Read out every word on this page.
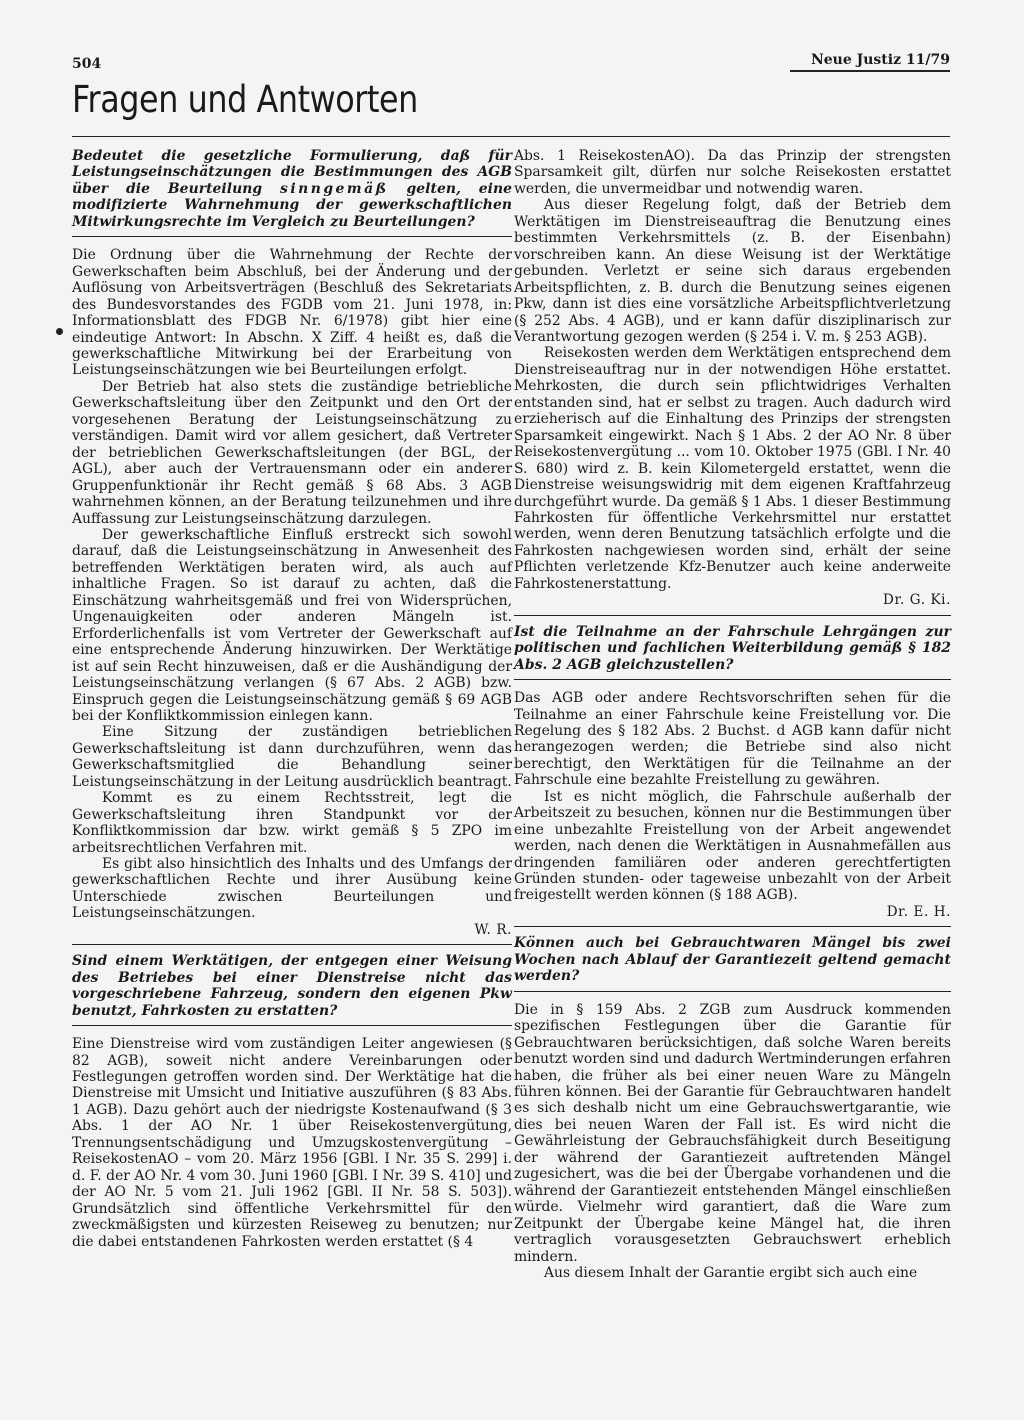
504	Neue Justiz 11/79
Fragen und Antworten

Bedeutet die gesetzliche Formulierung, daß für Leistungseinschätzungen die Bestimmungen des AGB über die Beurteilung sinngemäß gelten, eine modifizierte Wahrnehmung der gewerkschaftlichen Mitwirkungsrechte im Vergleich zu Beurteilungen?

Die Ordnung über die Wahrnehmung der Rechte der Gewerkschaften beim Abschluß, bei der Änderung und der Auflösung von Arbeitsverträgen (Beschluß des Sekretariats des Bundesvorstandes des FGDB vom 21. Juni 1978, in: Informationsblatt des FDGB Nr. 6/1978) gibt hier eine eindeutige Antwort: In Abschn. X Ziff. 4 heißt es, daß die gewerkschaftliche Mitwirkung bei der Erarbeitung von Leistungseinschätzungen wie bei Beurteilungen erfolgt.

Der Betrieb hat also stets die zuständige betriebliche Gewerkschaftsleitung über den Zeitpunkt und den Ort der vorgesehenen Beratung der Leistungseinschätzung zu verständigen. Damit wird vor allem gesichert, daß Vertreter der betrieblichen Gewerkschaftsleitungen (der BGL, der AGL), aber auch der Vertrauensmann oder ein anderer Gruppenfunktionär ihr Recht gemäß § 68 Abs. 3 AGB wahrnehmen können, an der Beratung teilzunehmen und ihre Auffassung zur Leistungseinschätzung darzulegen.

Der gewerkschaftliche Einfluß erstreckt sich sowohl darauf, daß die Leistungseinschätzung in Anwesenheit des betreffenden Werktätigen beraten wird, als auch auf inhaltliche Fragen. So ist darauf zu achten, daß die Einschätzung wahrheitsgemäß und frei von Widersprüchen, Ungenauigkeiten oder anderen Mängeln ist. Erforderlichenfalls ist vom Vertreter der Gewerkschaft auf eine entsprechende Änderung hinzuwirken. Der Werktätige ist auf sein Recht hinzuweisen, daß er die Aushändigung der Leistungseinschätzung verlangen (§ 67 Abs. 2 AGB) bzw. Einspruch gegen die Leistungseinschätzung gemäß § 69 AGB bei der Konfliktkommission einlegen kann.

Eine Sitzung der zuständigen betrieblichen Gewerkschaftsleitung ist dann durchzuführen, wenn das Gewerkschaftsmitglied die Behandlung seiner Leistungseinschätzung in der Leitung ausdrücklich beantragt.

Kommt es zu einem Rechtsstreit, legt die Gewerkschaftsleitung ihren Standpunkt vor der Konfliktkommission dar bzw. wirkt gemäß § 5 ZPO im arbeitsrechtlichen Verfahren mit.

Es gibt also hinsichtlich des Inhalts und des Umfangs der gewerkschaftlichen Rechte und ihrer Ausübung keine Unterschiede zwischen Beurteilungen und Leistungseinschätzungen.

W. R.

Sind einem Werktätigen, der entgegen einer Weisung des Betriebes bei einer Dienstreise nicht das vorgeschriebene Fahrzeug, sondern den eigenen Pkw benutzt, Fahrkosten zu erstatten?

Eine Dienstreise wird vom zuständigen Leiter angewiesen (§ 82 AGB), soweit nicht andere Vereinbarungen oder Festlegungen getroffen worden sind. Der Werktätige hat die Dienstreise mit Umsicht und Initiative auszuführen (§ 83 Abs. 1 AGB). Dazu gehört auch der niedrigste Kostenaufwand (§ 3 Abs. 1 der AO Nr. 1 über Reisekostenvergütung, Trennungsentschädigung und Umzugskostenvergütung – ReisekostenAO – vom 20. März 1956 [GBl. I Nr. 35 S. 299] i. d. F. der AO Nr. 4 vom 30. Juni 1960 [GBl. I Nr. 39 S. 410] und der AO Nr. 5 vom 21. Juli 1962 [GBl. II Nr. 58 S. 503]). Grundsätzlich sind öffentliche Verkehrsmittel für den zweckmäßigsten und kürzesten Reiseweg zu benutzen; nur die dabei entstandenen Fahrkosten werden erstattet (§ 4

Abs. 1 ReisekostenAO). Da das Prinzip der strengsten Sparsamkeit gilt, dürfen nur solche Reisekosten erstattet werden, die unvermeidbar und notwendig waren.

Aus dieser Regelung folgt, daß der Betrieb dem Werktätigen im Dienstreiseauftrag die Benutzung eines bestimmten Verkehrsmittels (z. B. der Eisenbahn) vorschreiben kann. An diese Weisung ist der Werktätige gebunden. Verletzt er seine sich daraus ergebenden Arbeitspflichten, z. B. durch die Benutzung seines eigenen Pkw, dann ist dies eine vorsätzliche Arbeitspflichtverletzung (§ 252 Abs. 4 AGB), und er kann dafür disziplinarisch zur Verantwortung gezogen werden (§ 254 i. V. m. § 253 AGB).

Reisekosten werden dem Werktätigen entsprechend dem Dienstreiseauftrag nur in der notwendigen Höhe erstattet. Mehrkosten, die durch sein pflichtwidriges Verhalten entstanden sind, hat er selbst zu tragen. Auch dadurch wird erzieherisch auf die Einhaltung des Prinzips der strengsten Sparsamkeit eingewirkt. Nach § 1 Abs. 2 der AO Nr. 8 über Reisekostenvergütung ... vom 10. Oktober 1975 (GBl. I Nr. 40 S. 680) wird z. B. kein Kilometergeld erstattet, wenn die Dienstreise weisungswidrig mit dem eigenen Kraftfahrzeug durchgeführt wurde. Da gemäß § 1 Abs. 1 dieser Bestimmung Fahrkosten für öffentliche Verkehrsmittel nur erstattet werden, wenn deren Benutzung tatsächlich erfolgte und die Fahrkosten nachgewiesen worden sind, erhält der seine Pflichten verletzende Kfz-Benutzer auch keine anderweite Fahrkostenerstattung.

Dr. G. Ki.

Ist die Teilnahme an der Fahrschule Lehrgängen zur politischen und fachlichen Weiterbildung gemäß § 182 Abs. 2 AGB gleichzustellen?

Das AGB oder andere Rechtsvorschriften sehen für die Teilnahme an einer Fahrschule keine Freistellung vor. Die Regelung des § 182 Abs. 2 Buchst. d AGB kann dafür nicht herangezogen werden; die Betriebe sind also nicht berechtigt, den Werktätigen für die Teilnahme an der Fahrschule eine bezahlte Freistellung zu gewähren.

Ist es nicht möglich, die Fahrschule außerhalb der Arbeitszeit zu besuchen, können nur die Bestimmungen über eine unbezahlte Freistellung von der Arbeit angewendet werden, nach denen die Werktätigen in Ausnahmefällen aus dringenden familiären oder anderen gerechtfertigten Gründen stunden- oder tageweise unbezahlt von der Arbeit freigestellt werden können (§ 188 AGB).

Dr. E. H.

Können auch bei Gebrauchtwaren Mängel bis zwei Wochen nach Ablauf der Garantiezeit geltend gemacht werden?

Die in § 159 Abs. 2 ZGB zum Ausdruck kommenden spezifischen Festlegungen über die Garantie für Gebrauchtwaren berücksichtigen, daß solche Waren bereits benutzt worden sind und dadurch Wertminderungen erfahren haben, die früher als bei einer neuen Ware zu Mängeln führen können. Bei der Garantie für Gebrauchtwaren handelt es sich deshalb nicht um eine Gebrauchswertgarantie, wie dies bei neuen Waren der Fall ist. Es wird nicht die Gewährleistung der Gebrauchsfähigkeit durch Beseitigung der während der Garantiezeit auftretenden Mängel zugesichert, was die bei der Übergabe vorhandenen und die während der Garantiezeit entstehenden Mängel einschließen würde. Vielmehr wird garantiert, daß die Ware zum Zeitpunkt der Übergabe keine Mängel hat, die ihren vertraglich vorausgesetzten Gebrauchswert erheblich mindern.

Aus diesem Inhalt der Garantie ergibt sich auch eine
